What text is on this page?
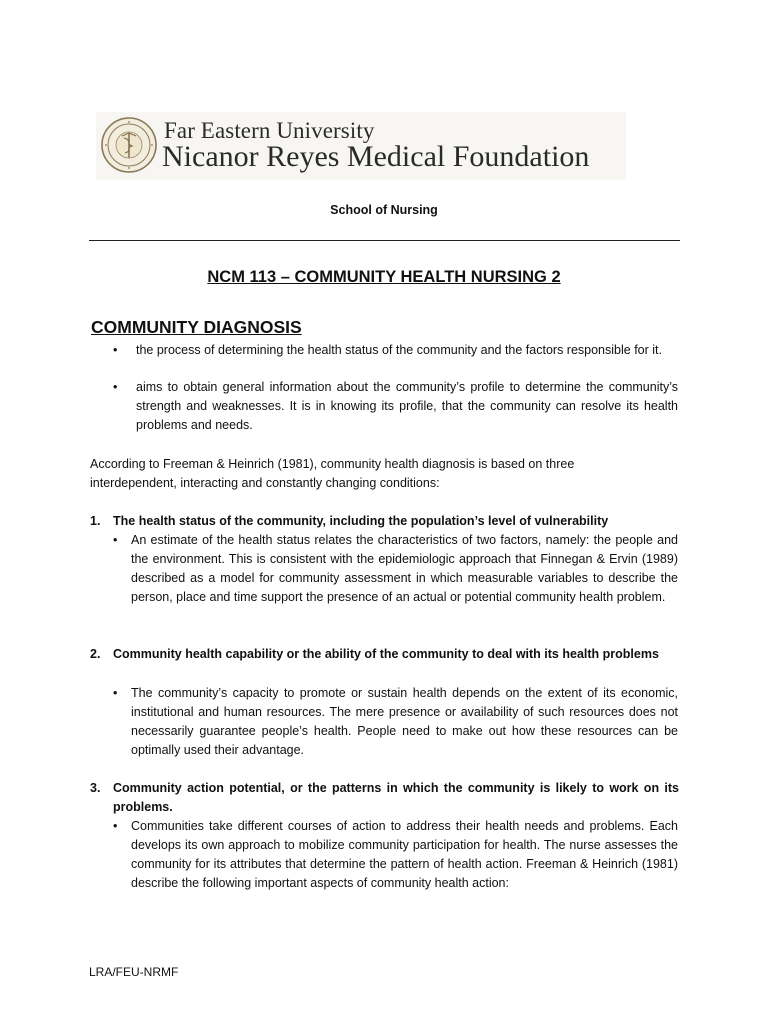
Far Eastern University
Nicanor Reyes Medical Foundation
School of Nursing
NCM 113 – COMMUNITY HEALTH NURSING 2
COMMUNITY DIAGNOSIS
• the process of determining the health status of the community and the factors responsible for it.
• aims to obtain general information about the community’s profile to determine the community’s strength and weaknesses. It is in knowing its profile, that the community can resolve its health problems and needs.
According to Freeman & Heinrich (1981), community health diagnosis is based on three interdependent, interacting and constantly changing conditions:
1. The health status of the community, including the population’s level of vulnerability
• An estimate of the health status relates the characteristics of two factors, namely: the people and the environment. This is consistent with the epidemiologic approach that Finnegan & Ervin (1989) described as a model for community assessment in which measurable variables to describe the person, place and time support the presence of an actual or potential community health problem.
2. Community health capability or the ability of the community to deal with its health problems
• The community’s capacity to promote or sustain health depends on the extent of its economic, institutional and human resources. The mere presence or availability of such resources does not necessarily guarantee people’s health. People need to make out how these resources can be optimally used their advantage.
3. Community action potential, or the patterns in which the community is likely to work on its problems.
• Communities take different courses of action to address their health needs and problems. Each develops its own approach to mobilize community participation for health. The nurse assesses the community for its attributes that determine the pattern of health action. Freeman & Heinrich (1981) describe the following important aspects of community health action:
LRA/FEU-NRMF
